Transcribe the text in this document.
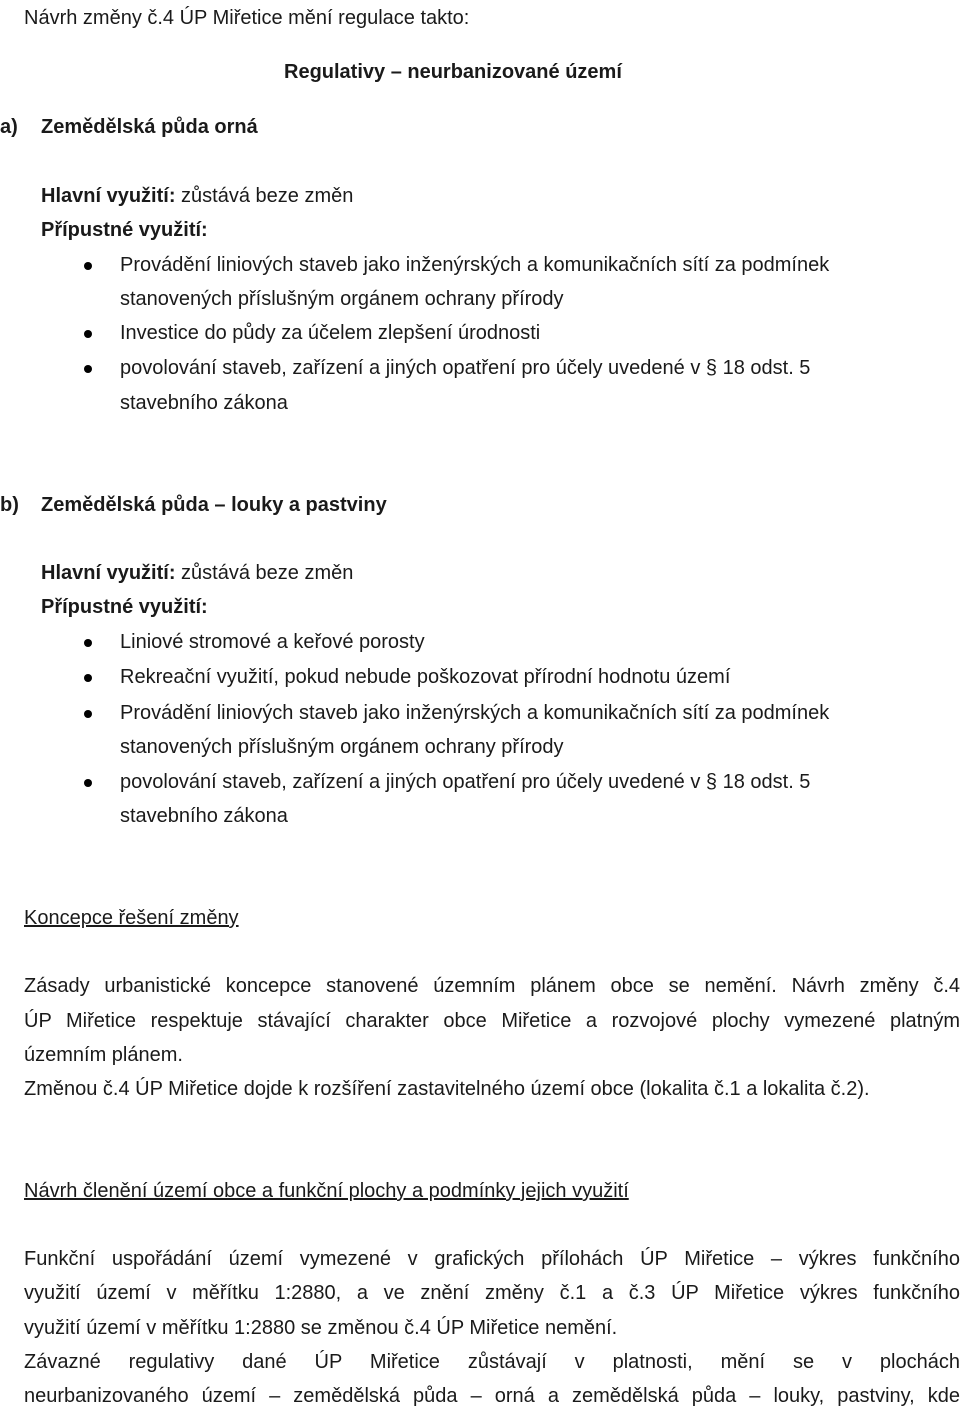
Návrh změny č.4 ÚP Miřetice mění regulace takto:
Regulativy – neurbanizované území
a) Zemědělská půda orná
Hlavní využití: zůstává beze změn
Přípustné využití:
Provádění liniových staveb jako inženýrských a komunikačních sítí za podmínek
stanovených příslušným orgánem ochrany přírody
Investice do půdy za účelem zlepšení úrodnosti
povolování staveb, zařízení a jiných opatření pro účely uvedené v § 18 odst. 5
stavebního zákona
b) Zemědělská půda – louky a pastviny
Hlavní využití: zůstává beze změn
Přípustné využití:
Liniové stromové a keřové porosty
Rekreační využití, pokud nebude poškozovat přírodní hodnotu území
Provádění liniových staveb jako inženýrských a komunikačních sítí za podmínek
stanovených příslušným orgánem ochrany přírody
povolování staveb, zařízení a jiných opatření pro účely uvedené v § 18 odst. 5
stavebního zákona
Koncepce řešení změny
Zásady urbanistické koncepce stanovené územním plánem obce se nemění. Návrh změny č.4
ÚP Miřetice respektuje stávající charakter obce Miřetice a rozvojové plochy vymezené platným
územním plánem.
Změnou č.4 ÚP Miřetice dojde k rozšíření zastavitelného území obce (lokalita č.1 a lokalita č.2).
Návrh členění území obce a funkční plochy a podmínky jejich využití
Funkční uspořádání území vymezené v grafických přílohách ÚP Miřetice – výkres funkčního
využití území v měřítku 1:2880, a ve znění změny č.1 a č.3 ÚP Miřetice výkres funkčního
využití území v měřítku 1:2880 se změnou č.4 ÚP Miřetice nemění.
Závazné regulativy dané ÚP Miřetice zůstávají v platnosti, mění se v plochách
neurbanizovaného území – zemědělská půda – orná a zemědělská půda – louky, pastviny, kde
